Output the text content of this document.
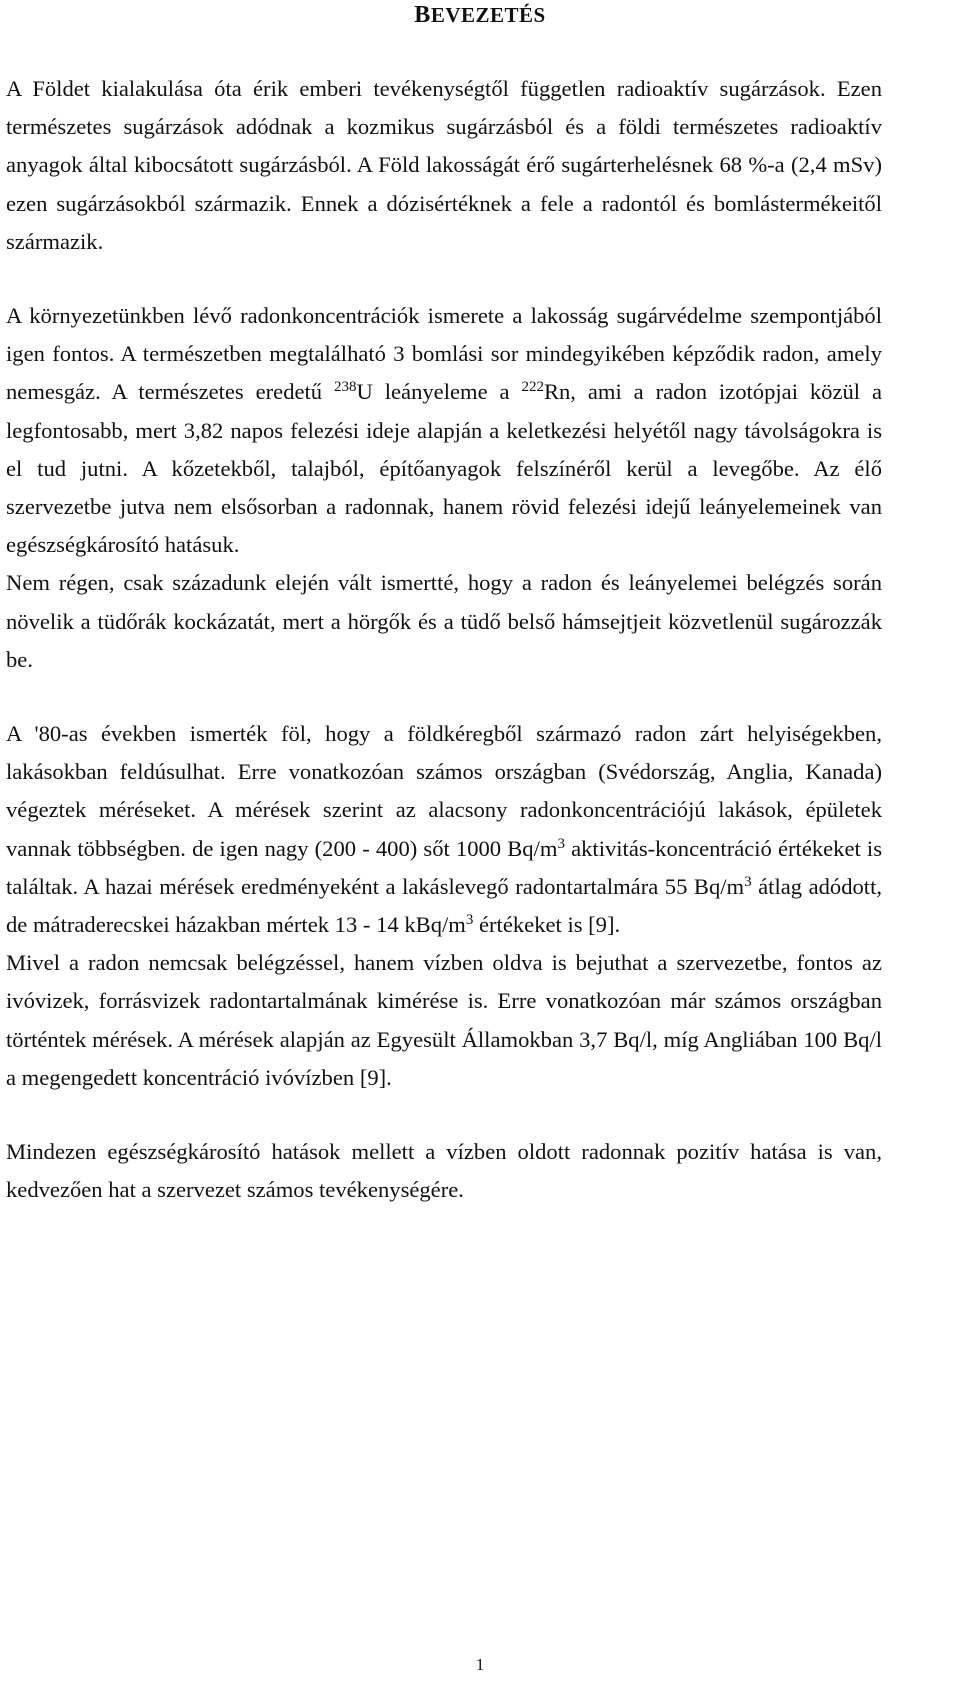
BEVEZETÉS

A Földet kialakulása óta érik emberi tevékenységtől független radioaktív sugárzások. Ezen természetes sugárzások adódnak a kozmikus sugárzásból és a földi természetes radioaktív anyagok által kibocsátott sugárzásból. A Föld lakosságát érő sugárterhelésnek 68 %-a (2,4 mSv) ezen sugárzásokból származik. Ennek a dózisértéknek a fele a radontól és bomlástermékeitől származik.

A környezetünkben lévő radonkoncentrációk ismerete a lakosság sugárvédelme szempontjából igen fontos. A természetben megtalálható 3 bomlási sor mindegyikében képződik radon, amely nemesgáz. A természetes eredetű $^{238}$U leányeleme a $^{222}$Rn, ami a radon izotópjai közül a legfontosabb, mert 3,82 napos felezési ideje alapján a keletkezési helyétől nagy távolságokra is el tud jutni. A kőzetekből, talajból, építőanyagok felszínéről kerül a levegőbe. Az élő szervezetbe jutva nem elsősorban a radonnak, hanem rövid felezési idejű leányelemeinek van egészségkárosító hatásuk.

Nem régen, csak századunk elején vált ismertté, hogy a radon és leányelemei belégzés során növelik a tüdőrák kockázatát, mert a hörgők és a tüdő belső hámsejtjeit közvetlenül sugározzák be.

A '80-as években ismerték föl, hogy a földkéregből származó radon zárt helyiségekben, lakásokban feldúsulhat. Erre vonatkozóan számos országban (Svédország, Anglia, Kanada) végeztek méréseket. A mérések szerint az alacsony radonkoncentrációjú lakások, épületek vannak többségben. de igen nagy (200 - 400) sőt 1000 $Bq/m^3$ aktivitás-koncentráció értékeket is találtak. A hazai mérések eredményeként a lakáslevegő radontartalmára 55 $Bq/m^3$ átlag adódott, de mátraderecskei házakban mértek 13 - 14 kBq/$m^3$ értékeket is [9].

Mivel a radon nemcsak belégzéssel, hanem vízben oldva is bejuthat a szervezetbe, fontos az ivóvizek, forrásvizek radontartalmának kimérése is. Erre vonatkozóan már számos országban történtek mérések. A mérések alapján az Egyesült Államokban 3,7 Bq/l, míg Angliában 100 Bq/l a megengedett koncentráció ivóvízben [9].

Mindezen egészségkárosító hatások mellett a vízben oldott radonnak pozitív hatása is van, kedvezően hat a szervezet számos tevékenységére.

1
